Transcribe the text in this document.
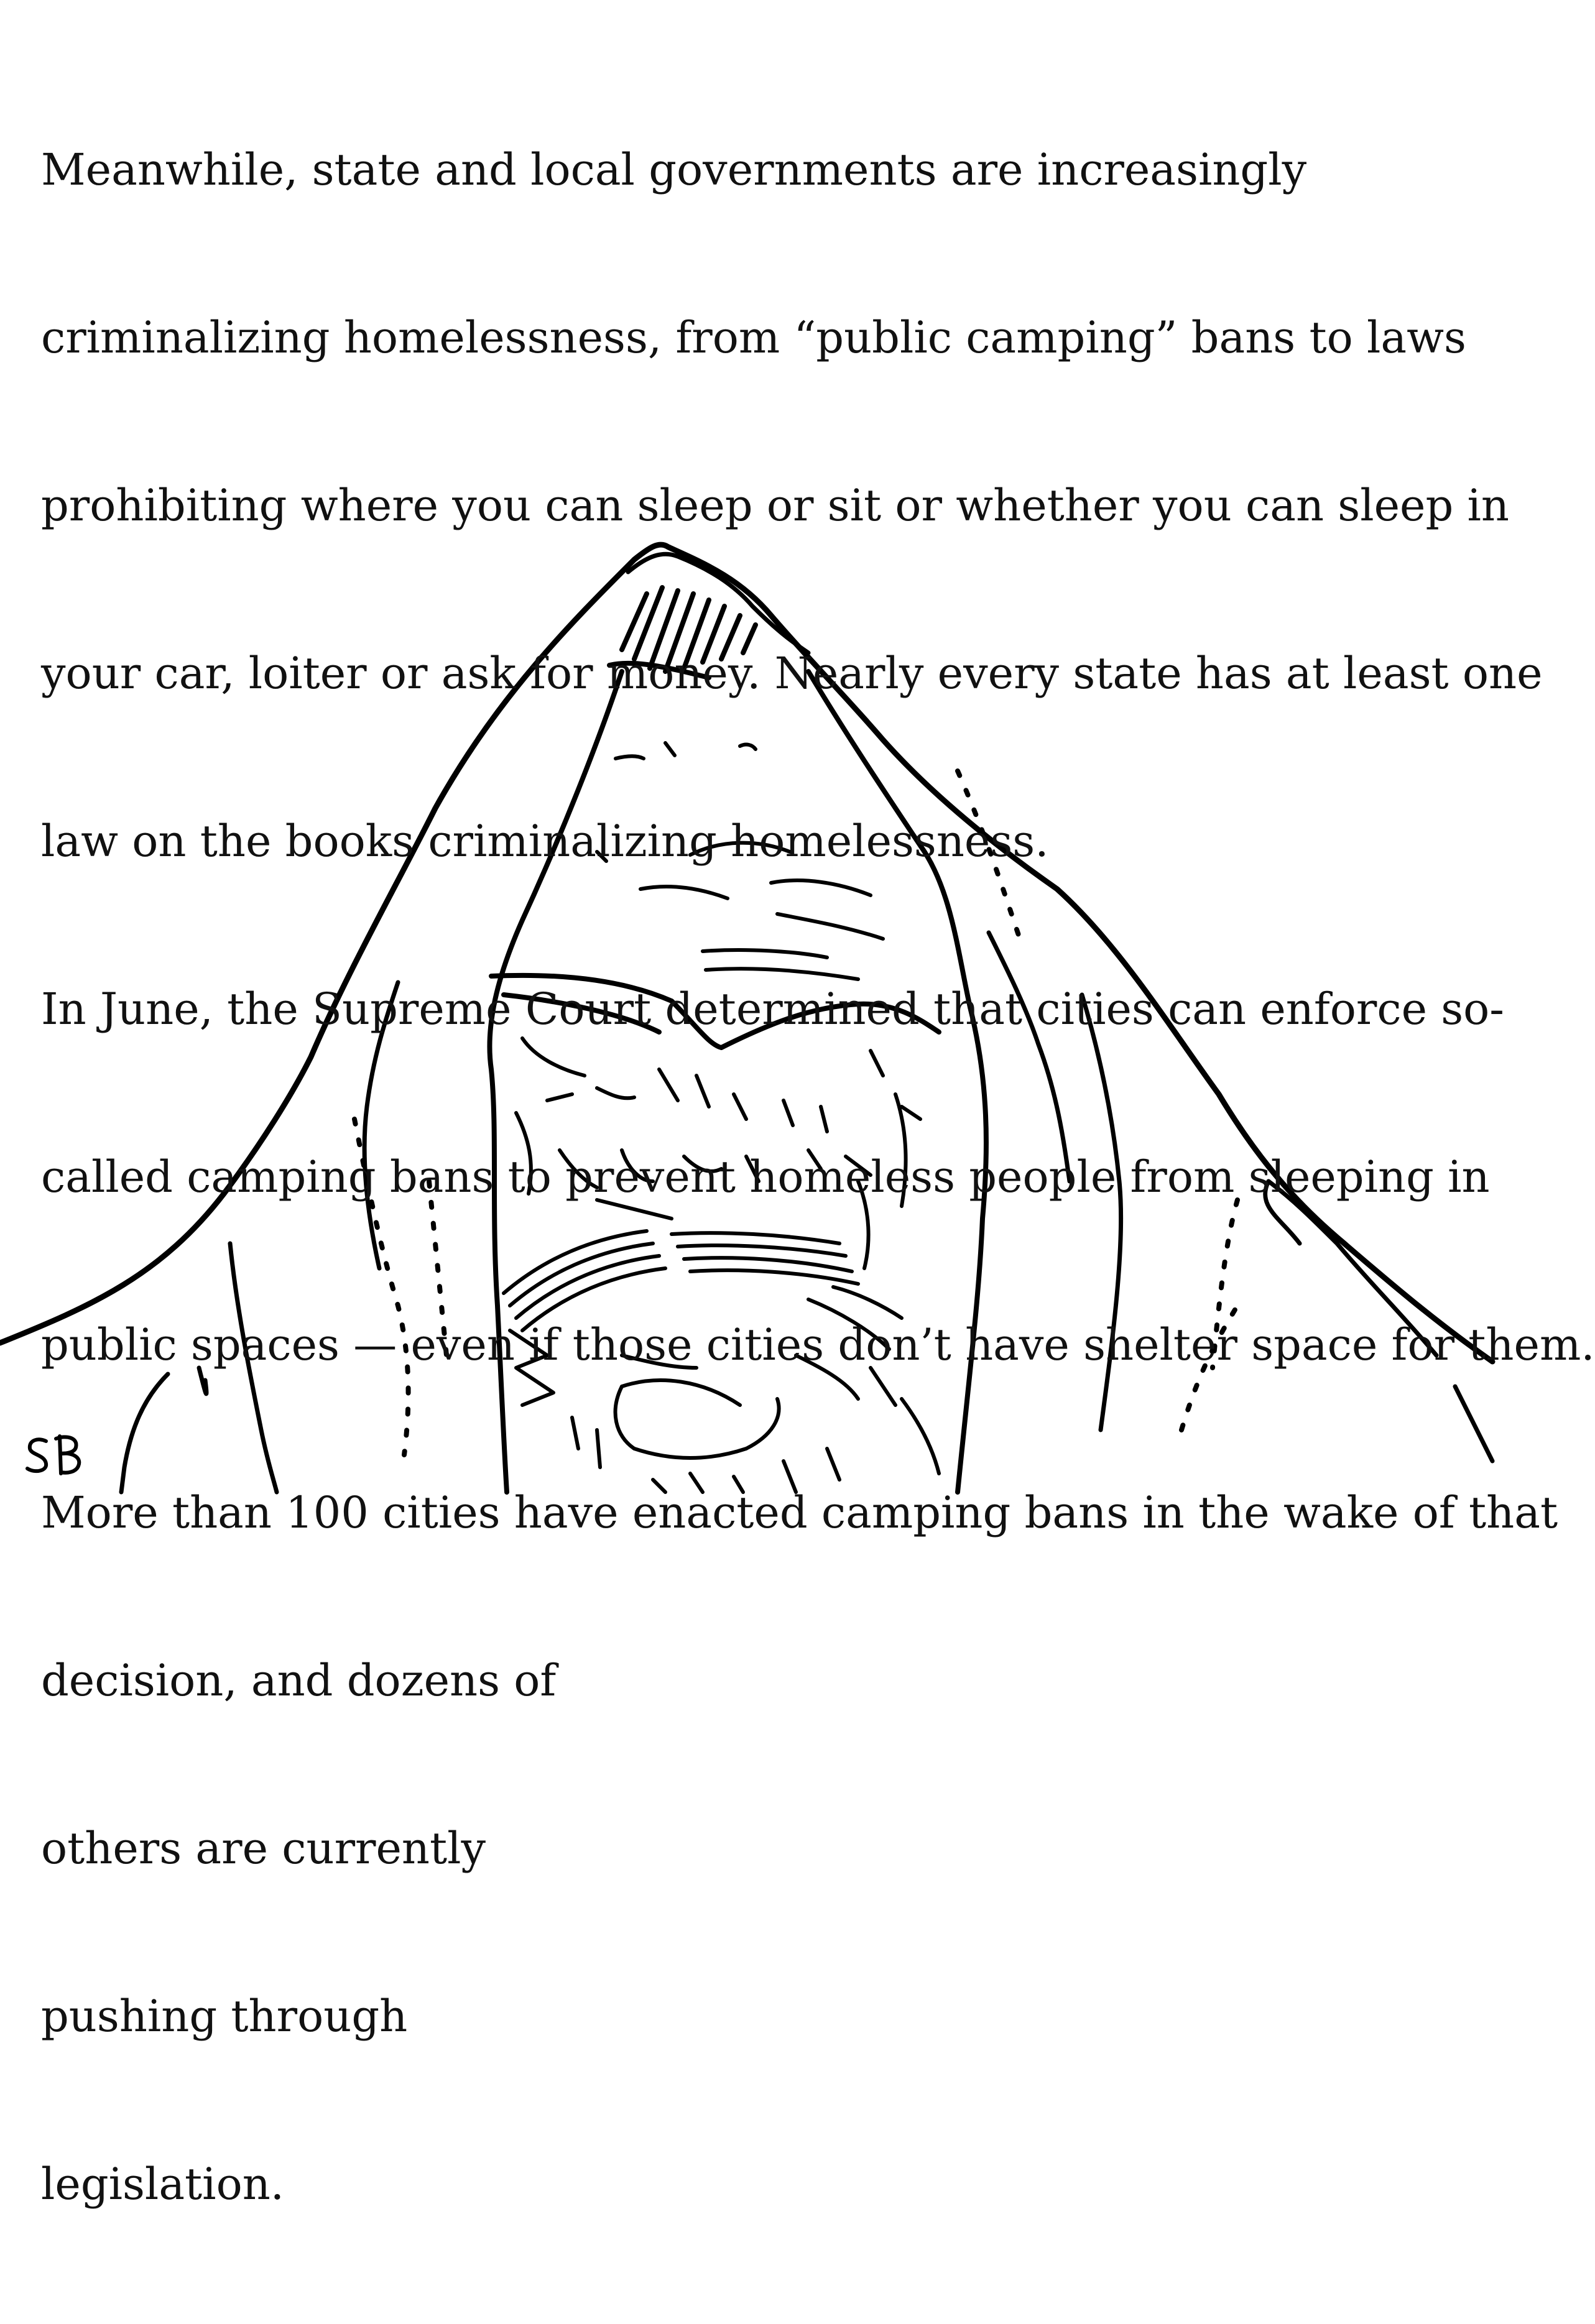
Meanwhile, state and local governments are increasingly

criminalizing homelessness, from “public camping” bans to laws

prohibiting where you can sleep or sit or whether you can sleep in

your car, loiter or ask for money. Nearly every state has at least one

law on the books criminalizing homelessness.

In June, the Supreme Court determined that cities can enforce so-

called camping bans to prevent homeless people from sleeping in

public spaces — even if those cities don’t have shelter space for them.

More than 100 cities have enacted camping bans in the wake of that

decision, and dozens of

others are currently

pushing through

legislation.
